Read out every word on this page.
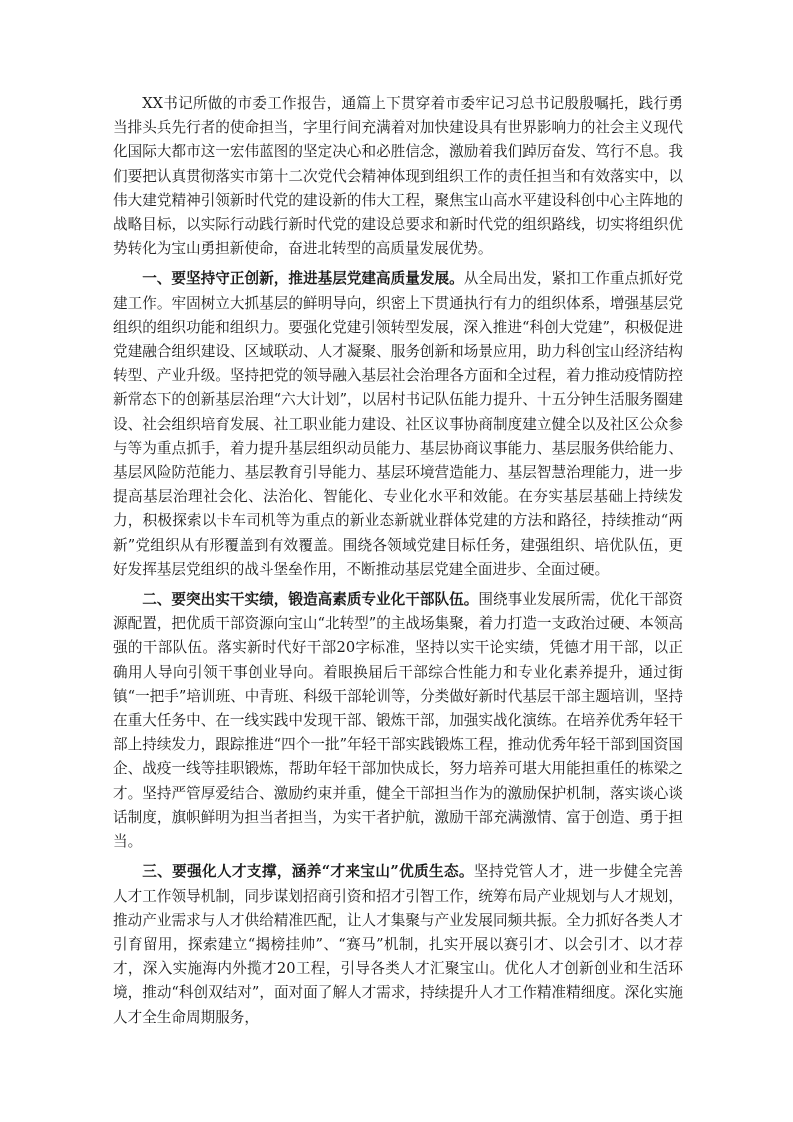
XX书记所做的市委工作报告，通篇上下贯穿着市委牢记习总书记殷殷嘱托，践行勇当排头兵先行者的使命担当，字里行间充满着对加快建设具有世界影响力的社会主义现代化国际大都市这一宏伟蓝图的坚定决心和必胜信念，激励着我们踔厉奋发、笃行不息。我们要把认真贯彻落实市第十二次党代会精神体现到组织工作的责任担当和有效落实中，以伟大建党精神引领新时代党的建设新的伟大工程，聚焦宝山高水平建设科创中心主阵地的战略目标，以实际行动践行新时代党的建设总要求和新时代党的组织路线，切实将组织优势转化为宝山勇担新使命，奋进北转型的高质量发展优势。

一、要坚持守正创新，推进基层党建高质量发展。从全局出发，紧扣工作重点抓好党建工作。牢固树立大抓基层的鲜明导向，织密上下贯通执行有力的组织体系，增强基层党组织的组织功能和组织力。要强化党建引领转型发展，深入推进“科创大党建”，积极促进党建融合组织建设、区域联动、人才凝聚、服务创新和场景应用，助力科创宝山经济结构转型、产业升级。坚持把党的领导融入基层社会治理各方面和全过程，着力推动疫情防控新常态下的创新基层治理“六大计划”，以居村书记队伍能力提升、十五分钟生活服务圈建设、社会组织培育发展、社工职业能力建设、社区议事协商制度建立健全以及社区公众参与等为重点抓手，着力提升基层组织动员能力、基层协商议事能力、基层服务供给能力、基层风险防范能力、基层教育引导能力、基层环境营造能力、基层智慧治理能力，进一步提高基层治理社会化、法治化、智能化、专业化水平和效能。在夯实基层基础上持续发力，积极探索以卡车司机等为重点的新业态新就业群体党建的方法和路径，持续推动“两新”党组织从有形覆盖到有效覆盖。围绕各领域党建目标任务，建强组织、培优队伍，更好发挥基层党组织的战斗堡垒作用，不断推动基层党建全面进步、全面过硬。

二、要突出实干实绩，锻造高素质专业化干部队伍。围绕事业发展所需，优化干部资源配置，把优质干部资源向宝山“北转型”的主战场集聚，着力打造一支政治过硬、本领高强的干部队伍。落实新时代好干部20字标准，坚持以实干论实绩，凭德才用干部，以正确用人导向引领干事创业导向。着眼换届后干部综合性能力和专业化素养提升，通过街镇“一把手”培训班、中青班、科级干部轮训等，分类做好新时代基层干部主题培训，坚持在重大任务中、在一线实践中发现干部、锻炼干部，加强实战化演练。在培养优秀年轻干部上持续发力，跟踪推进“四个一批”年轻干部实践锻炼工程，推动优秀年轻干部到国资国企、战疫一线等挂职锻炼，帮助年轻干部加快成长，努力培养可堪大用能担重任的栋梁之才。坚持严管厚爱结合、激励约束并重，健全干部担当作为的激励保护机制，落实谈心谈话制度，旗帜鲜明为担当者担当，为实干者护航，激励干部充满激情、富于创造、勇于担当。

三、要强化人才支撑，涵养“才来宝山”优质生态。坚持党管人才，进一步健全完善人才工作领导机制，同步谋划招商引资和招才引智工作，统筹布局产业规划与人才规划，推动产业需求与人才供给精准匹配，让人才集聚与产业发展同频共振。全力抓好各类人才引育留用，探索建立“揭榜挂帅”、“赛马”机制，扎实开展以赛引才、以会引才、以才荐才，深入实施海内外揽才20工程，引导各类人才汇聚宝山。优化人才创新创业和生活环境，推动“科创双结对”，面对面了解人才需求，持续提升人才工作精准精细度。深化实施人才全生命周期服务，
